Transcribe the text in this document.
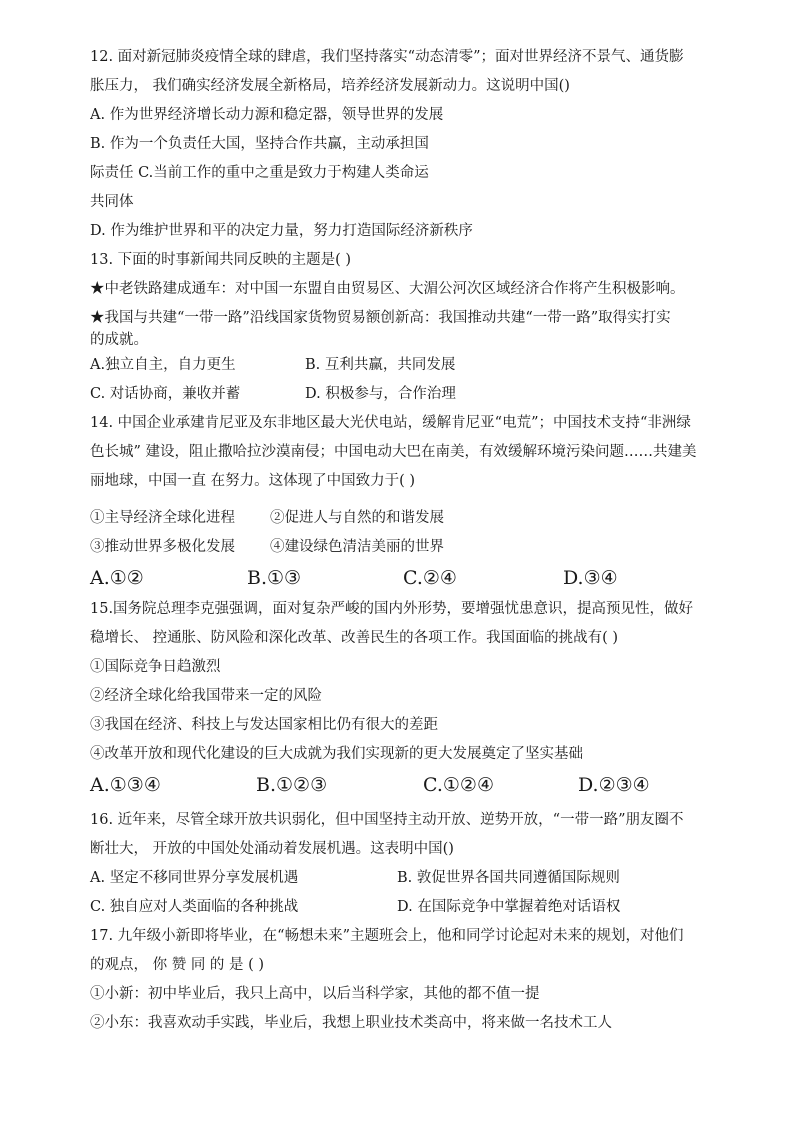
12. 面对新冠肺炎疫情全球的肆虐，我们坚持落实“动态清零”；面对世界经济不景气、通货膨
胀压力， 我们确实经济发展全新格局，培养经济发展新动力。这说明中国()
A. 作为世界经济增长动力源和稳定器，领导世界的发展
B. 作为一个负责任大国，坚持合作共赢，主动承担国
际责任 C.当前工作的重中之重是致力于构建人类命运
共同体
D. 作为维护世界和平的决定力量，努力打造国际经济新秩序
13. 下面的时事新闻共同反映的主题是( )
★中老铁路建成通车：对中国一东盟自由贸易区、大湄公河次区域经济合作将产生积极影响。
★我国与共建“一带一路”沿线国家货物贸易额创新高：我国推动共建“一带一路”取得实打实
的成就。
A.独立自主，自力更生	B. 互利共赢，共同发展
C. 对话协商，兼收并蓄	D. 积极参与，合作治理
14. 中国企业承建肯尼亚及东非地区最大光伏电站，缓解肯尼亚“电荒”；中国技术支持“非洲绿
色长城” 建设，阻止撒哈拉沙漠南侵；中国电动大巴在南美，有效缓解环境污染问题……共建美
丽地球，中国一直 在努力。这体现了中国致力于( )
①主导经济全球化进程	②促进人与自然的和谐发展
③推动世界多极化发展	④建设绿色清洁美丽的世界
A.①②	B.①③	C.②④	D.③④
15.国务院总理李克强强调，面对复杂严峻的国内外形势，要增强忧患意识，提高预见性，做好
稳增长、 控通胀、防风险和深化改革、改善民生的各项工作。我国面临的挑战有( )
①国际竞争日趋激烈
②经济全球化给我国带来一定的风险
③我国在经济、科技上与发达国家相比仍有很大的差距
④改革开放和现代化建设的巨大成就为我们实现新的更大发展奠定了坚实基础
A.①③④	B.①②③	C.①②④	D.②③④
16. 近年来，尽管全球开放共识弱化，但中国坚持主动开放、逆势开放，“一带一路”朋友圈不
断壮大， 开放的中国处处涌动着发展机遇。这表明中国()
A. 坚定不移同世界分享发展机遇	B. 敦促世界各国共同遵循国际规则
C. 独自应对人类面临的各种挑战	D. 在国际竞争中掌握着绝对话语权
17. 九年级小新即将毕业，在“畅想未来”主题班会上，他和同学讨论起对未来的规划，对他们
的观点， 你 赞 同 的 是 ( )
①小新：初中毕业后，我只上高中，以后当科学家，其他的都不值一提
②小东：我喜欢动手实践，毕业后，我想上职业技术类高中，将来做一名技术工人
